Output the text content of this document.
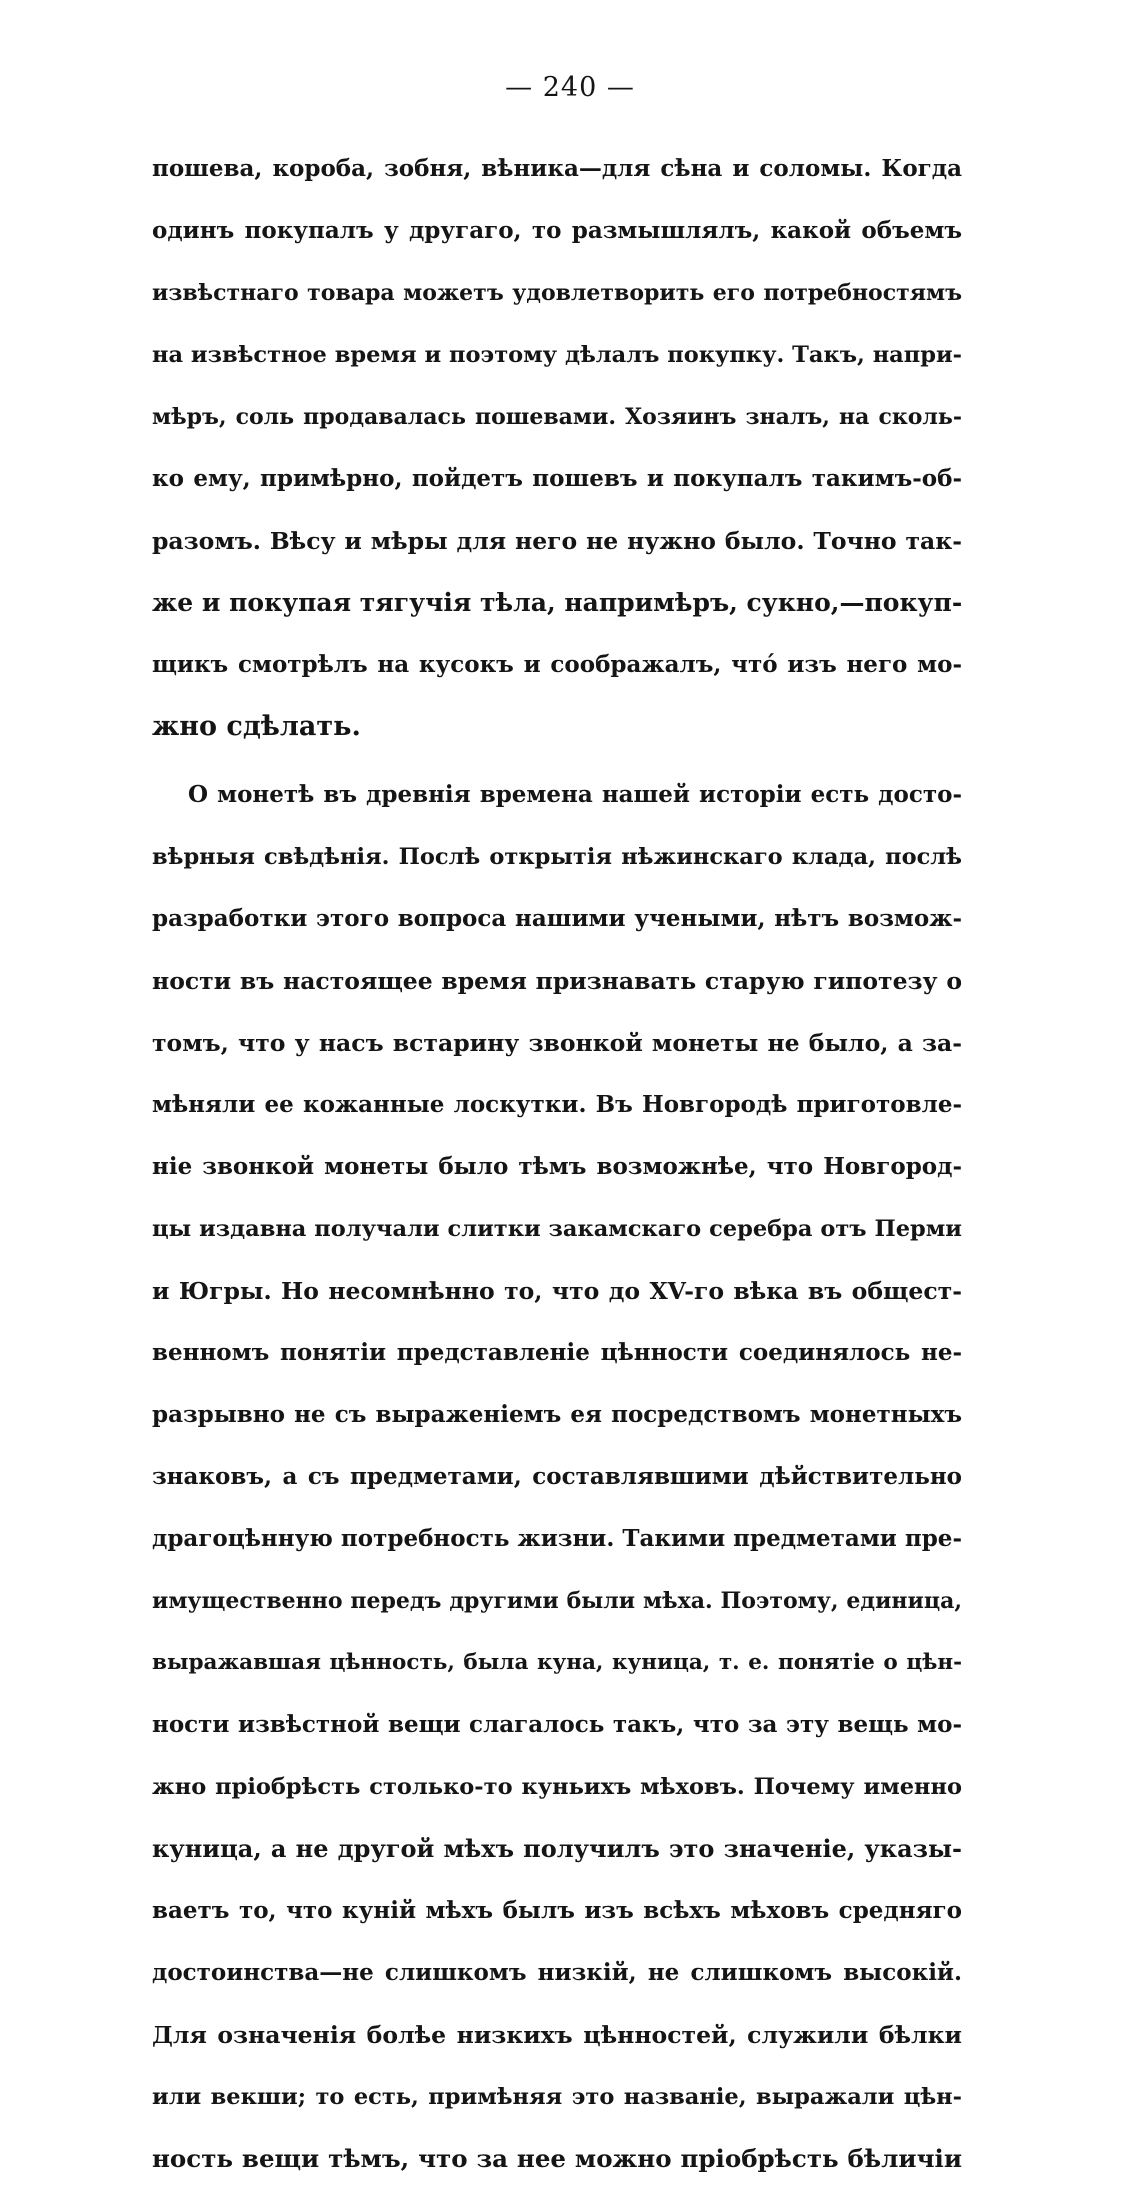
— 240 —
пошева, короба, зобня, вѣника—для сѣна и соломы. Когда
одинъ покупалъ у другаго, то размышлялъ, какой объемъ
извѣстнаго товара можетъ удовлетворить его потребностямъ
на извѣстное время и поэтому дѣлалъ покупку. Такъ, напри-
мѣръ, соль продавалась пошевами. Хозяинъ зналъ, на сколь-
ко ему, примѣрно, пойдетъ пошевъ и покупалъ такимъ-об-
разомъ. Вѣсу и мѣры для него не нужно было. Точно так-
же и покупая тягучія тѣла, напримѣръ, сукно,—покуп-
щикъ смотрѣлъ на кусокъ и соображалъ, что́ изъ него мо-
жно сдѣлать.
О монетѣ въ древнія времена нашей исторіи есть досто-
вѣрныя свѣдѣнія. Послѣ открытія нѣжинскаго клада, послѣ
разработки этого вопроса нашими учеными, нѣтъ возмож-
ности въ настоящее время признавать старую гипотезу о
томъ, что у насъ встарину звонкой монеты не было, а за-
мѣняли ее кожанные лоскутки. Въ Новгородѣ приготовле-
ніе звонкой монеты было тѣмъ возможнѣе, что Новгород-
цы издавна получали слитки закамскаго серебра отъ Перми
и Югры. Но несомнѣнно то, что до XV-го вѣка въ общест-
венномъ понятіи представленіе цѣнности соединялось не-
разрывно не съ выраженіемъ ея посредствомъ монетныхъ
знаковъ, а съ предметами, составлявшими дѣйствительно
драгоцѣнную потребность жизни. Такими предметами пре-
имущественно передъ другими были мѣха. Поэтому, единица,
выражавшая цѣнность, была куна, куница, т. е. понятіе о цѣн-
ности извѣстной вещи слагалось такъ, что за эту вещь мо-
жно пріобрѣсть столько-то куньихъ мѣховъ. Почему именно
куница, а не другой мѣхъ получилъ это значеніе, указы-
ваетъ то, что куній мѣхъ былъ изъ всѣхъ мѣховъ средняго
достоинства—не слишкомъ низкій, не слишкомъ высокій.
Для означенія болѣе низкихъ цѣнностей, служили бѣлки
или векши; то есть, примѣняя это названіе, выражали цѣн-
ность вещи тѣмъ, что за нее можно пріобрѣсть бѣличіи
